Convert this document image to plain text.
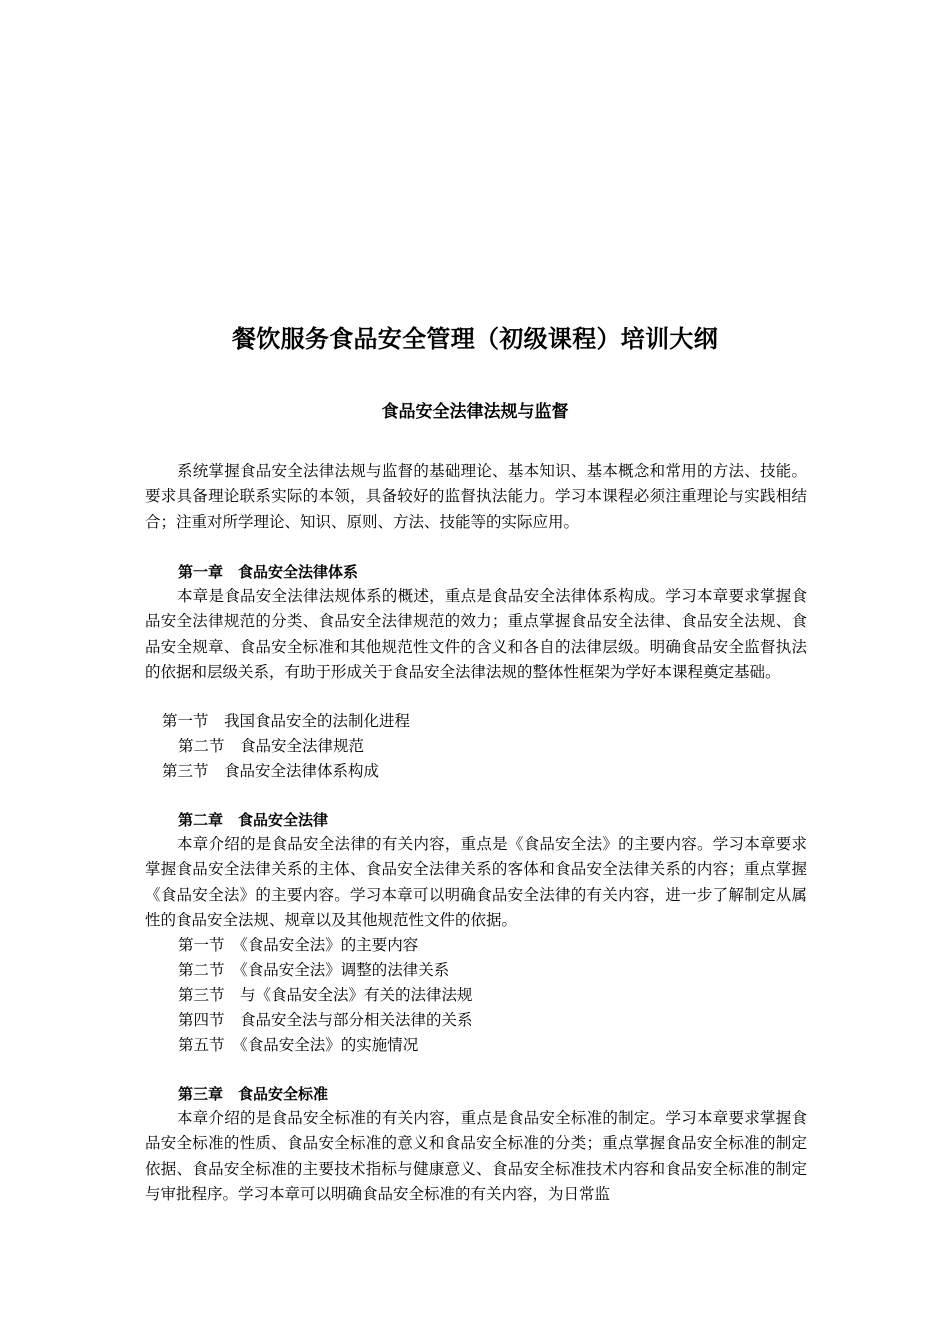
餐饮服务食品安全管理（初级课程）培训大纲
食品安全法律法规与监督
系统掌握食品安全法律法规与监督的基础理论、基本知识、基本概念和常用的方法、技能。要求具备理论联系实际的本领，具备较好的监督执法能力。学习本课程必须注重理论与实践相结合；注重对所学理论、知识、原则、方法、技能等的实际应用。
第一章　食品安全法律体系
本章是食品安全法律法规体系的概述，重点是食品安全法律体系构成。学习本章要求掌握食品安全法律规范的分类、食品安全法律规范的效力；重点掌握食品安全法律、食品安全法规、食品安全规章、食品安全标准和其他规范性文件的含义和各自的法律层级。明确食品安全监督执法的依据和层级关系，有助于形成关于食品安全法律法规的整体性框架为学好本课程奠定基础。
第一节　我国食品安全的法制化进程
第二节　食品安全法律规范
第三节　食品安全法律体系构成
第二章　食品安全法律
本章介绍的是食品安全法律的有关内容，重点是《食品安全法》的主要内容。学习本章要求掌握食品安全法律关系的主体、食品安全法律关系的客体和食品安全法律关系的内容；重点掌握《食品安全法》的主要内容。学习本章可以明确食品安全法律的有关内容，进一步了解制定从属性的食品安全法规、规章以及其他规范性文件的依据。
第一节　《食品安全法》的主要内容
第二节　《食品安全法》调整的法律关系
第三节　与《食品安全法》有关的法律法规
第四节　食品安全法与部分相关法律的关系
第五节　《食品安全法》的实施情况
第三章　食品安全标准
本章介绍的是食品安全标准的有关内容，重点是食品安全标准的制定。学习本章要求掌握食品安全标准的性质、食品安全标准的意义和食品安全标准的分类；重点掌握食品安全标准的制定依据、食品安全标准的主要技术指标与健康意义、食品安全标准技术内容和食品安全标准的制定与审批程序。学习本章可以明确食品安全标准的有关内容，为日常监
